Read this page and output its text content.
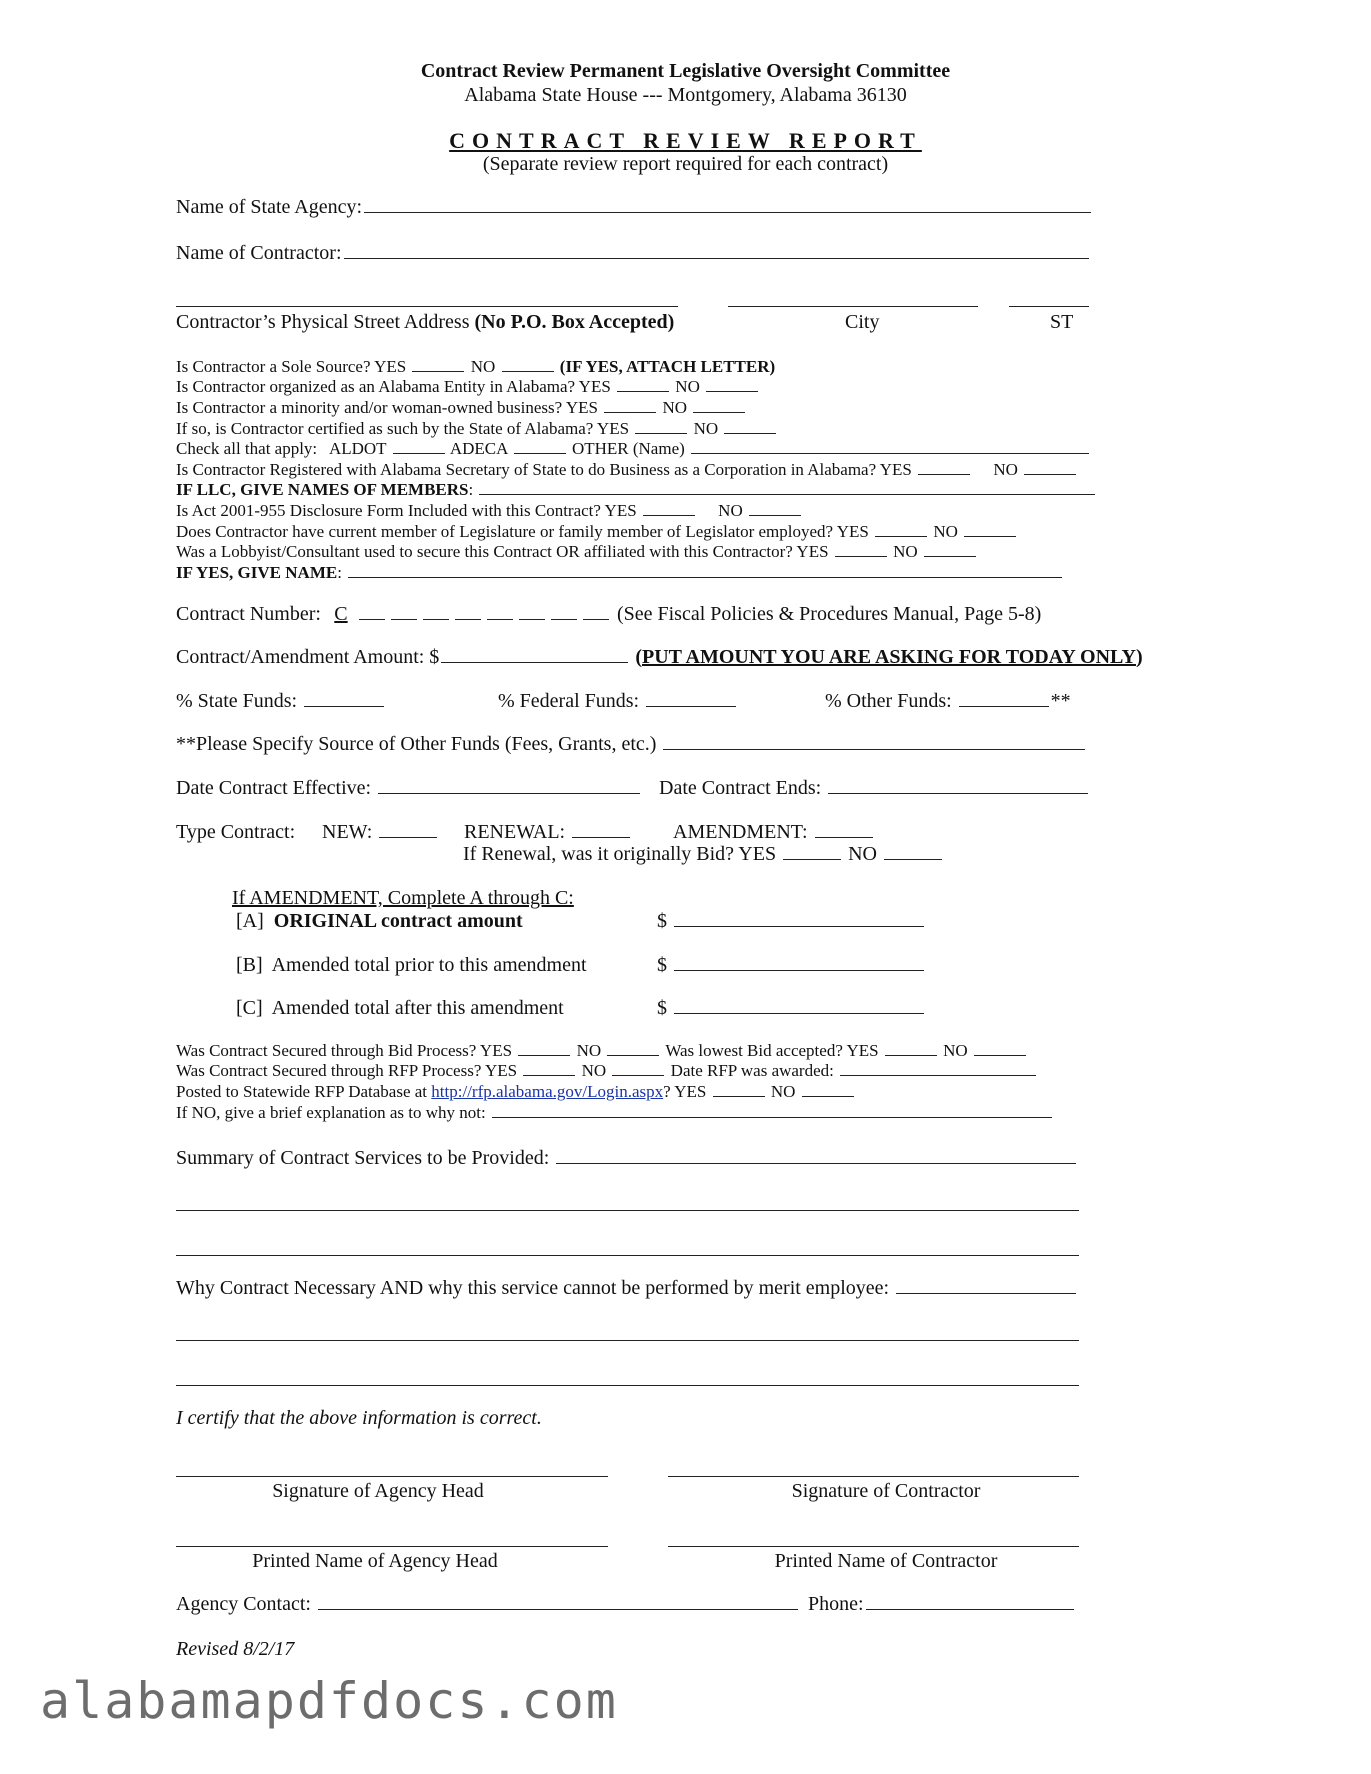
Contract Review Permanent Legislative Oversight Committee
Alabama State House --- Montgomery, Alabama 36130
CONTRACT REVIEW REPORT
(Separate review report required for each contract)
Name of State Agency:
Name of Contractor:
Contractor’s Physical Street Address (No P.O. Box Accepted)	City	ST
Is Contractor a Sole Source? YES	NO	(IF YES, ATTACH LETTER)
Is Contractor organized as an Alabama Entity in Alabama? YES	NO
Is Contractor a minority and/or woman-owned business? YES	NO
If so, is Contractor certified as such by the State of Alabama? YES	NO
Check all that apply: ALDOT	ADECA	OTHER (Name)
Is Contractor Registered with Alabama Secretary of State to do Business as a Corporation in Alabama? YES	NO
IF LLC, GIVE NAMES OF MEMBERS:
Is Act 2001-955 Disclosure Form Included with this Contract? YES	NO
Does Contractor have current member of Legislature or family member of Legislator employed? YES	NO
Was a Lobbyist/Consultant used to secure this Contract OR affiliated with this Contractor? YES	NO
IF YES, GIVE NAME:
Contract Number: C	(See Fiscal Policies & Procedures Manual, Page 5-8)
Contract/Amendment Amount: $	(PUT AMOUNT YOU ARE ASKING FOR TODAY ONLY)
% State Funds:	% Federal Funds:	% Other Funds:	**
**Please Specify Source of Other Funds (Fees, Grants, etc.)
Date Contract Effective:	Date Contract Ends:
Type Contract: NEW:	RENEWAL:	AMENDMENT:
If Renewal, was it originally Bid? YES	NO
If AMENDMENT, Complete A through C:
[A] ORIGINAL contract amount	$
[B] Amended total prior to this amendment	$
[C] Amended total after this amendment	$
Was Contract Secured through Bid Process? YES	NO	Was lowest Bid accepted? YES	NO
Was Contract Secured through RFP Process? YES	NO	Date RFP was awarded:
Posted to Statewide RFP Database at http://rfp.alabama.gov/Login.aspx? YES	NO
If NO, give a brief explanation as to why not:
Summary of Contract Services to be Provided:
Why Contract Necessary AND why this service cannot be performed by merit employee:
I certify that the above information is correct.
Signature of Agency Head	Signature of Contractor
Printed Name of Agency Head	Printed Name of Contractor
Agency Contact:	Phone:
Revised 8/2/17
alabamapdfdocs.com
